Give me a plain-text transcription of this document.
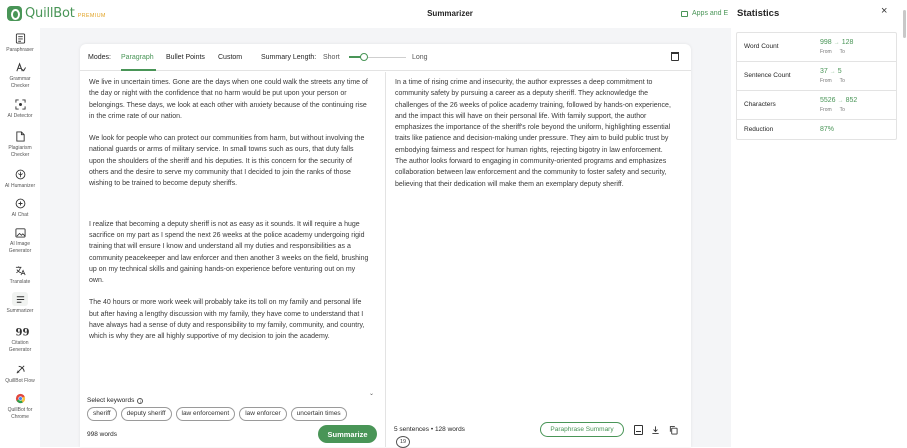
QuillBot PREMIUM	Summarizer	Apps and E
Paraphraser
Grammar Checker
AI Detector
Plagiarism Checker
AI Humanizer
AI Chat
AI Image Generator
Translate
Summarizer
99
Citation Generator
QuillBot Flow
QuillBot for Chrome
Modes: Paragraph Bullet Points Custom	Summary Length: Short	Long

We live in uncertain times. Gone are the days when one could walk the streets any time of the day or night with the confidence that no harm would be put upon your person or belongings. These days, we look at each other with anxiety because of the continuing rise in the crime rate of our nation.

We look for people who can protect our communities from harm, but without involving the national guards or arms of military service. In small towns such as ours, that duty falls upon the shoulders of the sheriff and his deputies. It is this concern for the security of others and the desire to serve my community that I decided to join the ranks of those wishing to be trained to become deputy sheriffs.

I realize that becoming a deputy sheriff is not as easy as it sounds. It will require a huge sacrifice on my part as I spend the next 26 weeks at the police academy undergoing rigid training that will ensure I know and understand all my duties and responsibilities as a community peacekeeper and law enforcer and then another 3 weeks on the field, brushing up on my technical skills and gaining hands-on experience before venturing out on my own.

The 40 hours or more work week will probably take its toll on my family and personal life but after having a lengthy discussion with my family, they have come to understand that I have always had a sense of duty and responsibility to my family, community, and country, which is why they are all highly supportive of my decision to join the academy.

Select keywords i
⌄
sheriff	deputy sheriff	law enforcement	law enforcer	uncertain times
998 words	Summarize
In a time of rising crime and insecurity, the author expresses a deep commitment to community safety by pursuing a career as a deputy sheriff. They acknowledge the challenges of the 26 weeks of police academy training, followed by hands-on experience, and the impact this will have on their personal life. With family support, the author emphasizes the importance of the sheriff's role beyond the uniform, highlighting essential traits like patience and decision-making under pressure. They aim to build public trust by embodying fairness and respect for human rights, rejecting bigotry in law enforcement. The author looks forward to engaging in community-oriented programs and emphasizes collaboration between law enforcement and the community to foster safety and security, believing that their dedication will make them an exemplary deputy sheriff.
5 sentences • 128 words
19
Paraphrase Summary
Statistics	×
Word Count
998 → 128
From To
Sentence Count
37 → 5
From To
Characters
5526 → 852
From To
Reduction	87%
